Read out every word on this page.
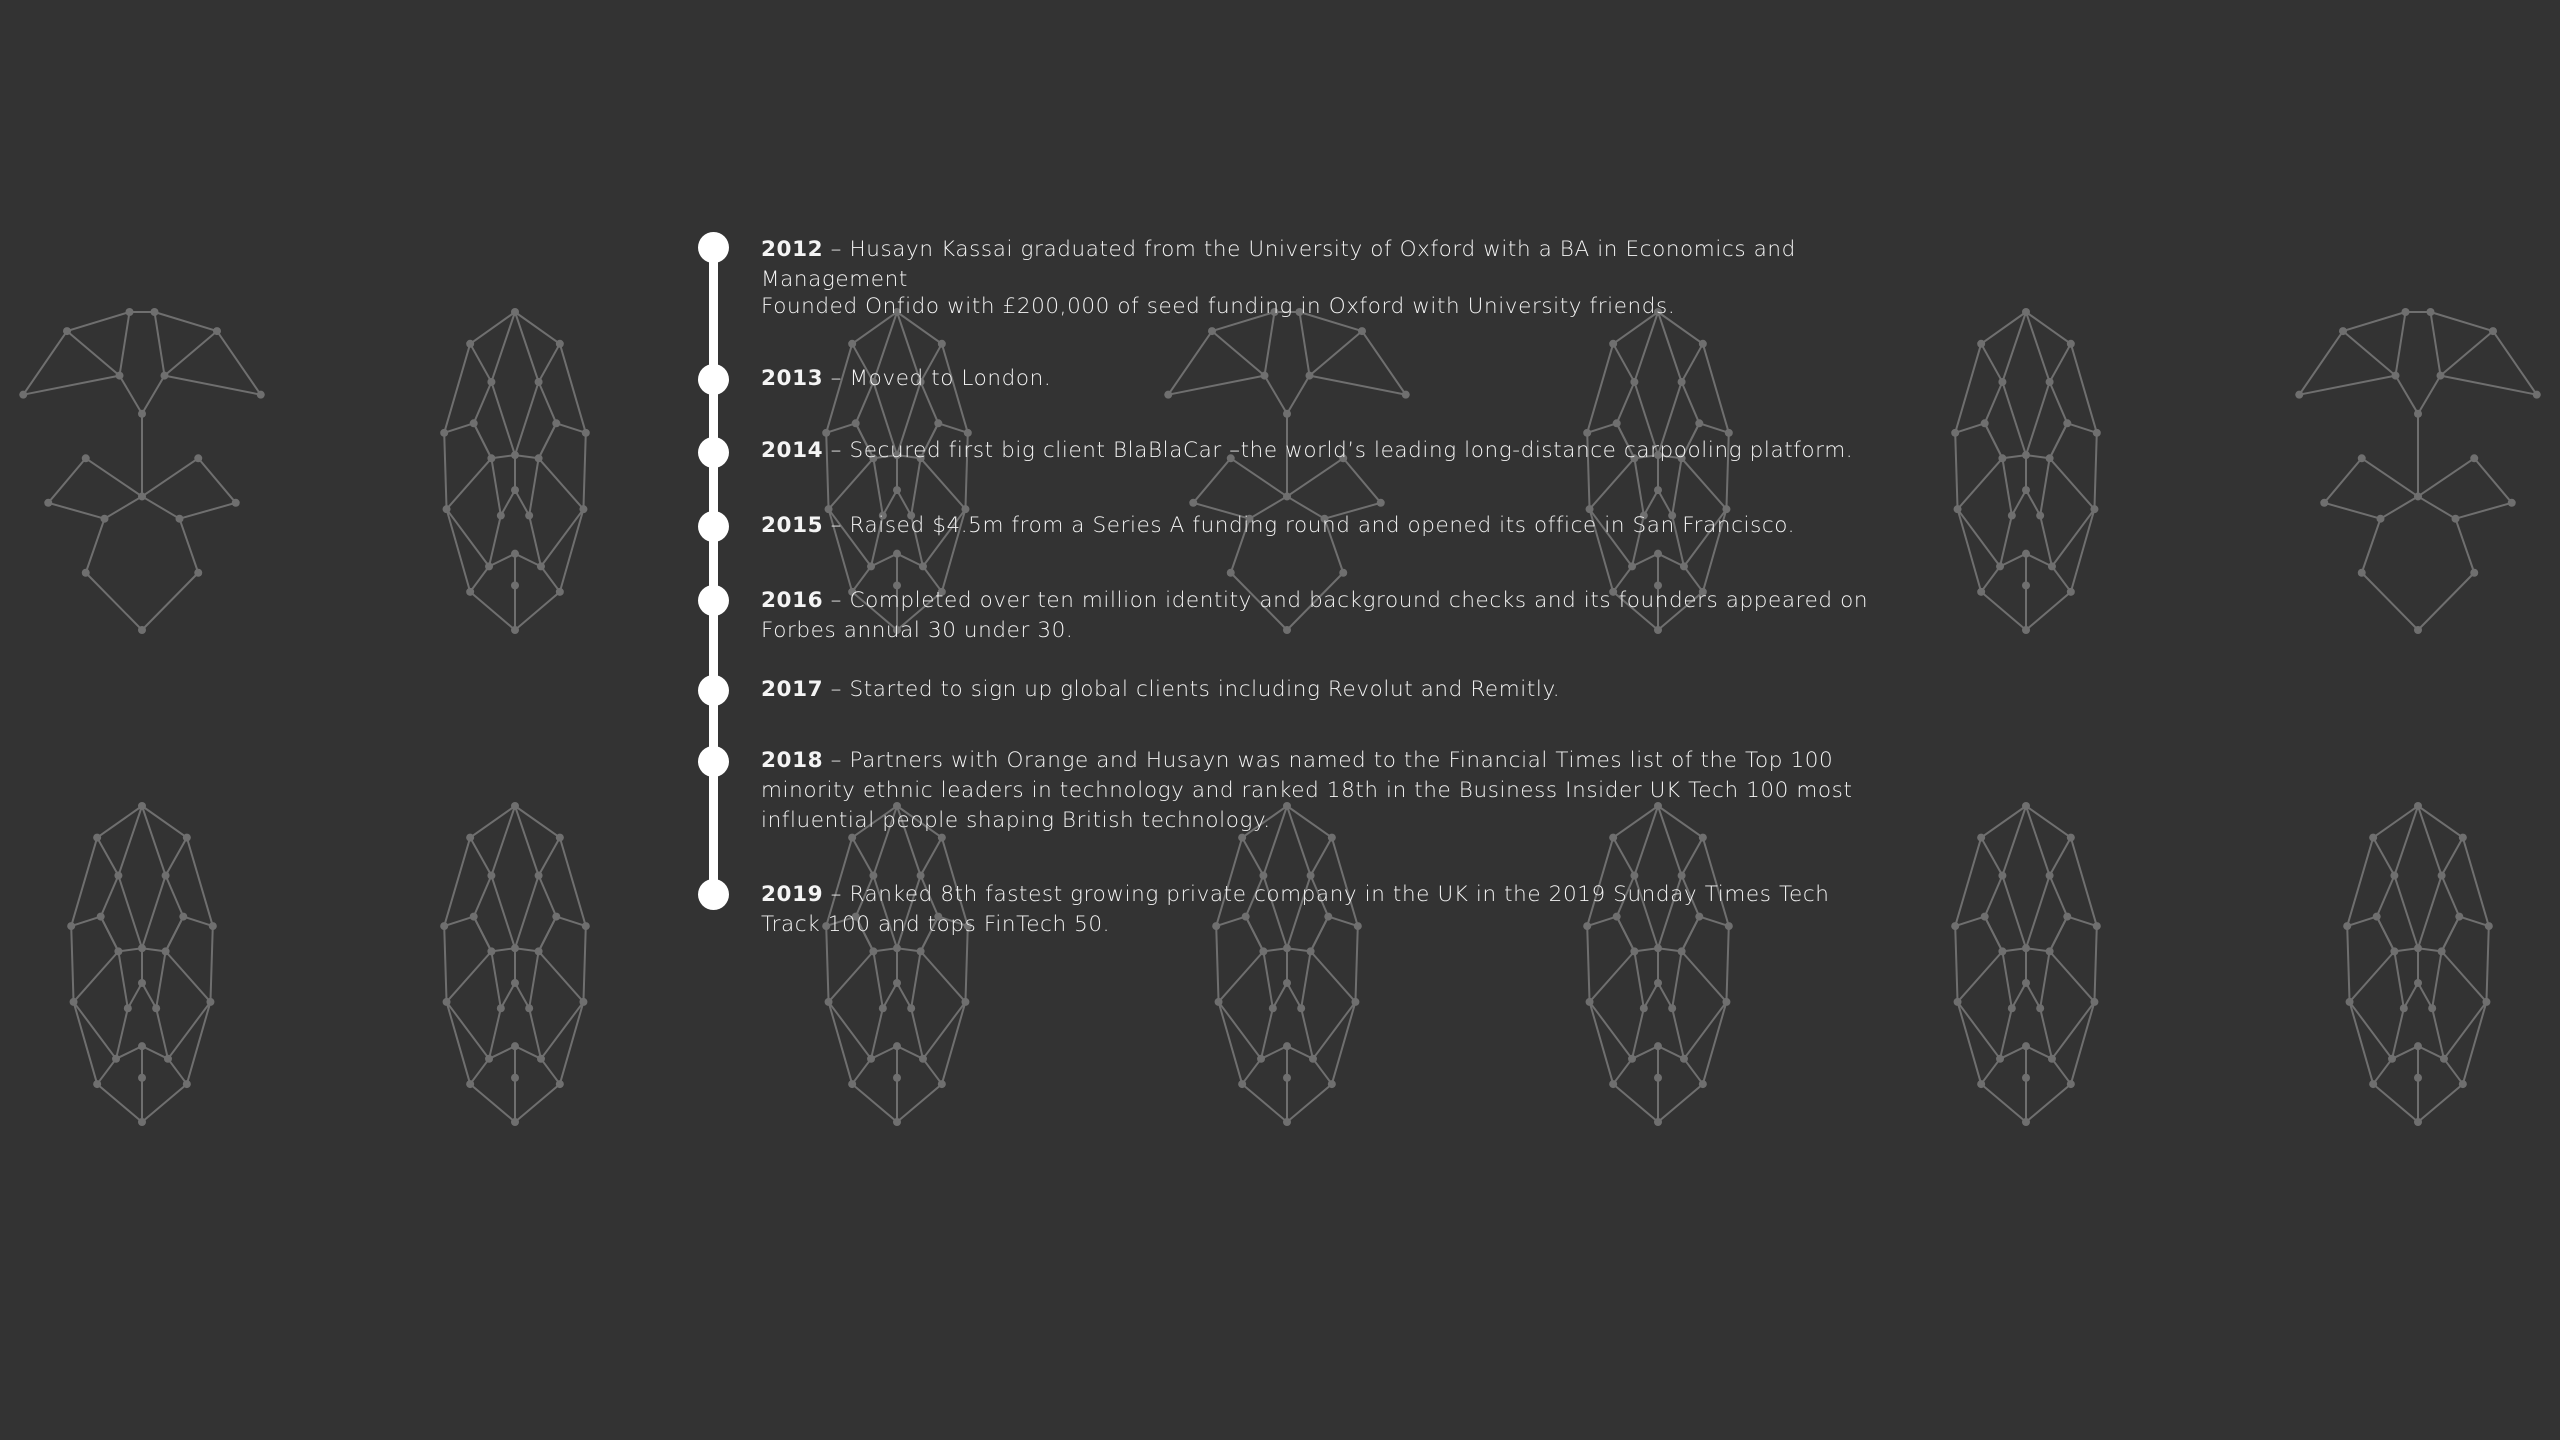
2012 – Husayn Kassai graduated from the University of Oxford with a BA in Economics and Management
Founded Onfido with £200,000 of seed funding in Oxford with University friends.
2013 – Moved to London.
2014 – Secured first big client BlaBlaCar –the world’s leading long-distance carpooling platform.
2015 – Raised $4.5m from a Series A funding round and opened its office in San Francisco.
2016 – Completed over ten million identity and background checks and its founders appeared on Forbes annual 30 under 30.
2017 – Started to sign up global clients including Revolut and Remitly.
2018 – Partners with Orange and Husayn was named to the Financial Times list of the Top 100 minority ethnic leaders in technology and ranked 18th in the Business Insider UK Tech 100 most influential people shaping British technology.
2019 – Ranked 8th fastest growing private company in the UK in the 2019 Sunday Times Tech Track 100 and tops FinTech 50.
